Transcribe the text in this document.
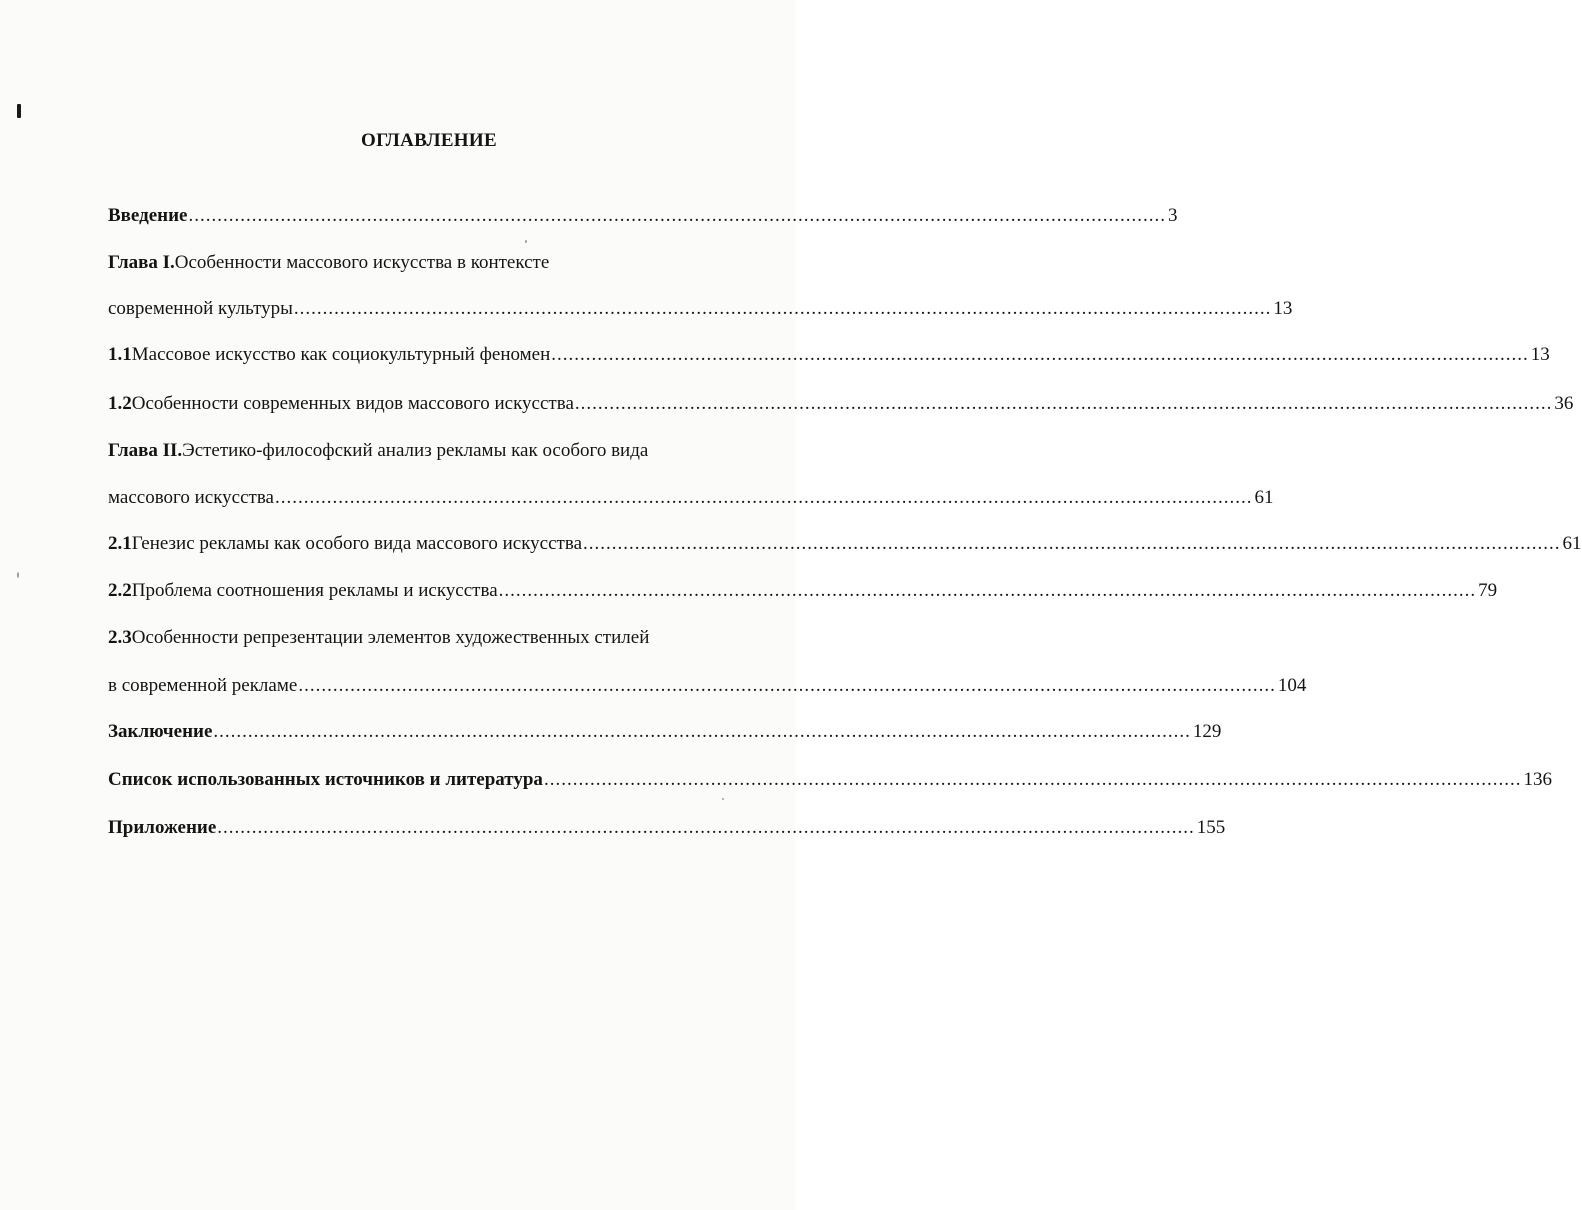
ОГЛАВЛЕНИЕ
Введение .......................................................................................................................................................................... 3
Глава I. Особенности массового искусства в контексте
современной культуры .......................................................................................................................................................................... 13
1.1 Массовое искусство как социокультурный феномен .......................................................................................................................................................................... 13
1.2 Особенности современных видов массового искусства .......................................................................................................................................................................... 36
Глава II. Эстетико-философский анализ рекламы как особого вида
массового искусства .......................................................................................................................................................................... 61
2.1 Генезис рекламы как особого вида массового искусства .......................................................................................................................................................................... 61
2.2 Проблема соотношения рекламы и искусства .......................................................................................................................................................................... 79
2.3 Особенности репрезентации элементов художественных стилей
в современной рекламе .......................................................................................................................................................................... 104
Заключение .......................................................................................................................................................................... 129
Список использованных источников и литература .......................................................................................................................................................................... 136
Приложение .......................................................................................................................................................................... 155
